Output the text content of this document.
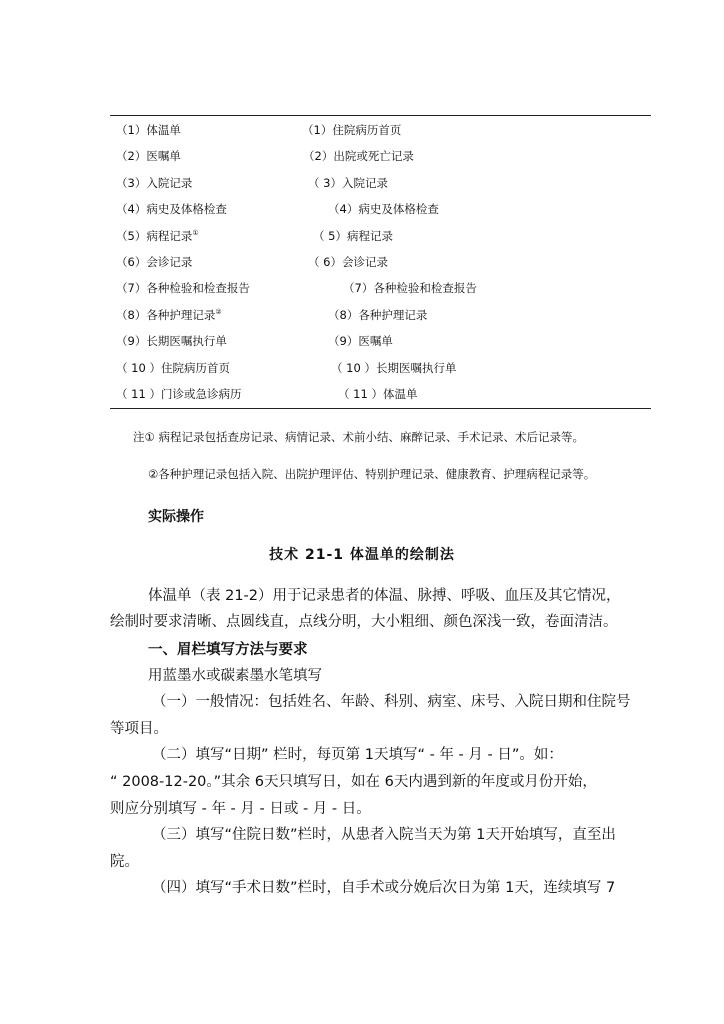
（1）体温单	（1）住院病历首页
（2）医嘱单	（2）出院或死亡记录
（3）入院记录	（ 3）入院记录
（4）病史及体格检查	（4）病史及体格检查
（5）病程记录①	（ 5）病程记录
（6）会诊记录	（ 6）会诊记录
（7）各种检验和检查报告	（7）各种检验和检查报告
（8）各种护理记录②	（8）各种护理记录
（9）长期医嘱执行单	（9）医嘱单
（ 10 ）住院病历首页	（ 10 ）长期医嘱执行单
（ 11 ）门诊或急诊病历	（ 11 ）体温单
注① 病程记录包括查房记录、病情记录、术前小结、麻醉记录、手术记录、术后记录等。
②各种护理记录包括入院、出院护理评估、特别护理记录、健康教育、护理病程记录等。
实际操作
技术 21-1 体温单的绘制法
体温单（表 21-2）用于记录患者的体温、脉搏、呼吸、血压及其它情况，
绘制时要求清晰、点圆线直，点线分明，大小粗细、颜色深浅一致，卷面清洁。
一、眉栏填写方法与要求
用蓝墨水或碳素墨水笔填写
（一）一般情况：包括姓名、年龄、科别、病室、床号、入院日期和住院号
等项目。
（二）填写“日期” 栏时，每页第 1天填写“ - 年 - 月 - 日”。如：
“ 2008-12-20。”其余 6天只填写日，如在 6天内遇到新的年度或月份开始，
则应分别填写 - 年 - 月 - 日或 - 月 - 日。
（三）填写“住院日数”栏时，从患者入院当天为第 1天开始填写，直至出
院。
（四）填写“手术日数”栏时，自手术或分娩后次日为第 1天，连续填写 7
